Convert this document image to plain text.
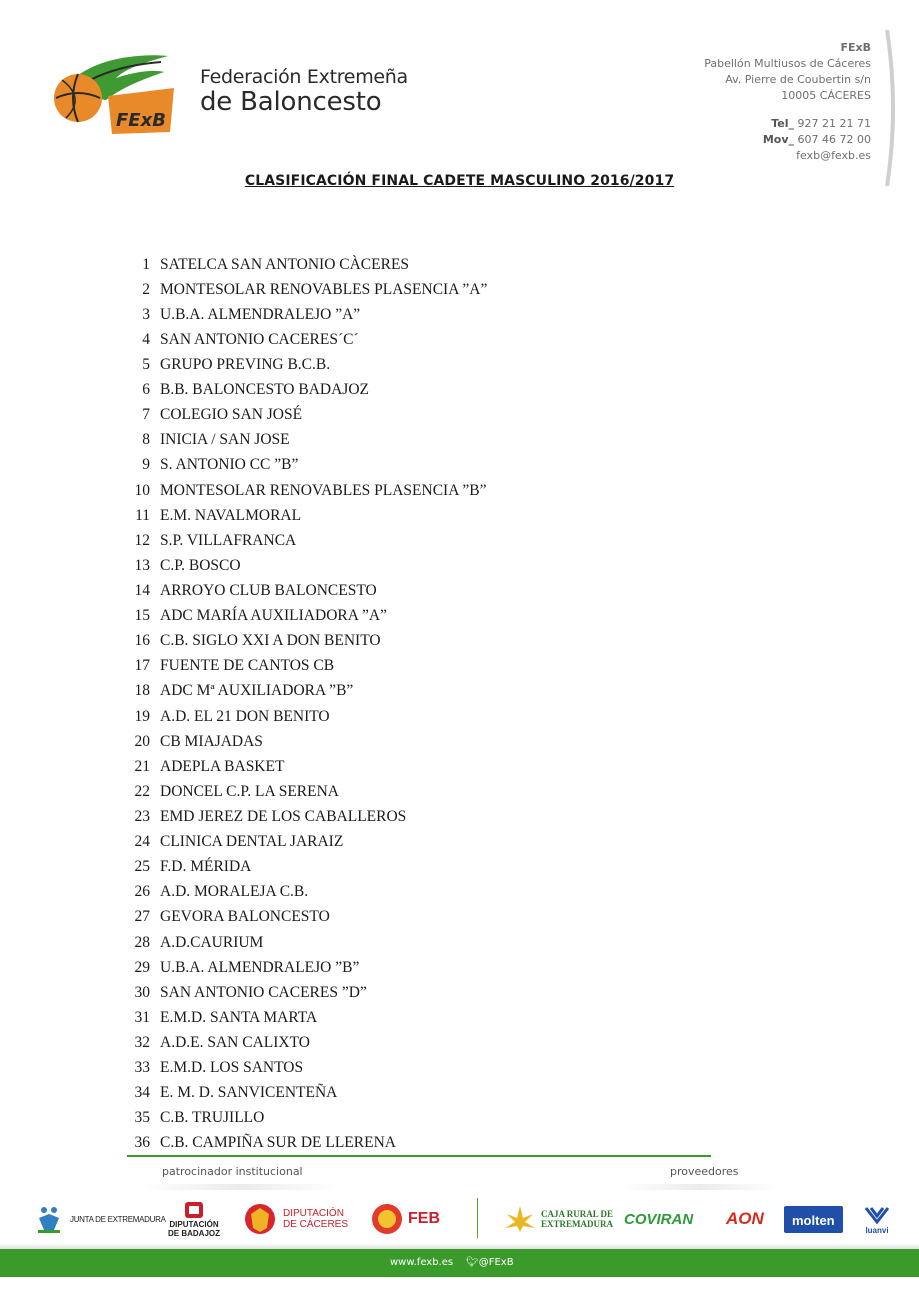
FExB
Federación Extremeña
de Baloncesto
FExB
Pabellón Multiusos de Cáceres
Av. Pierre de Coubertin s/n
10005 CÁCERES
Tel_ 927 21 21 71
Mov_ 607 46 72 00
fexb@fexb.es
CLASIFICACIÓN FINAL CADETE MASCULINO 2016/2017
1 SATELCA SAN ANTONIO CÀCERES
2 MONTESOLAR RENOVABLES PLASENCIA ”A”
3 U.B.A. ALMENDRALEJO ”A”
4 SAN ANTONIO CACERES´C´
5 GRUPO PREVING B.C.B.
6 B.B. BALONCESTO BADAJOZ
7 COLEGIO SAN JOSÉ
8 INICIA / SAN JOSE
9 S. ANTONIO CC ”B”
10 MONTESOLAR RENOVABLES PLASENCIA ”B”
11 E.M. NAVALMORAL
12 S.P. VILLAFRANCA
13 C.P. BOSCO
14 ARROYO CLUB BALONCESTO
15 ADC MARÍA AUXILIADORA ”A”
16 C.B. SIGLO XXI A DON BENITO
17 FUENTE DE CANTOS CB
18 ADC Mª AUXILIADORA ”B”
19 A.D. EL 21 DON BENITO
20 CB MIAJADAS
21 ADEPLA BASKET
22 DONCEL C.P. LA SERENA
23 EMD JEREZ DE LOS CABALLEROS
24 CLINICA DENTAL JARAIZ
25 F.D. MÉRIDA
26 A.D. MORALEJA C.B.
27 GEVORA BALONCESTO
28 A.D.CAURIUM
29 U.B.A. ALMENDRALEJO ”B”
30 SAN ANTONIO CACERES ”D”
31 E.M.D. SANTA MARTA
32 A.D.E. SAN CALIXTO
33 E.M.D. LOS SANTOS
34 E. M. D. SANVICENTEÑA
35 C.B. TRUJILLO
36 C.B. CAMPIÑA SUR DE LLERENA
patrocinador institucional	proveedores
JUNTA DE EXTREMADURA
DIPUTACIÓN
DE BADAJOZ
DIPUTACIÓN
DE CÁCERES	FEB	CAJA RURAL DE
EXTREMADURA COVIRAN AON	molten
luanvi
www.fexb.es 🐦︎@FExB
